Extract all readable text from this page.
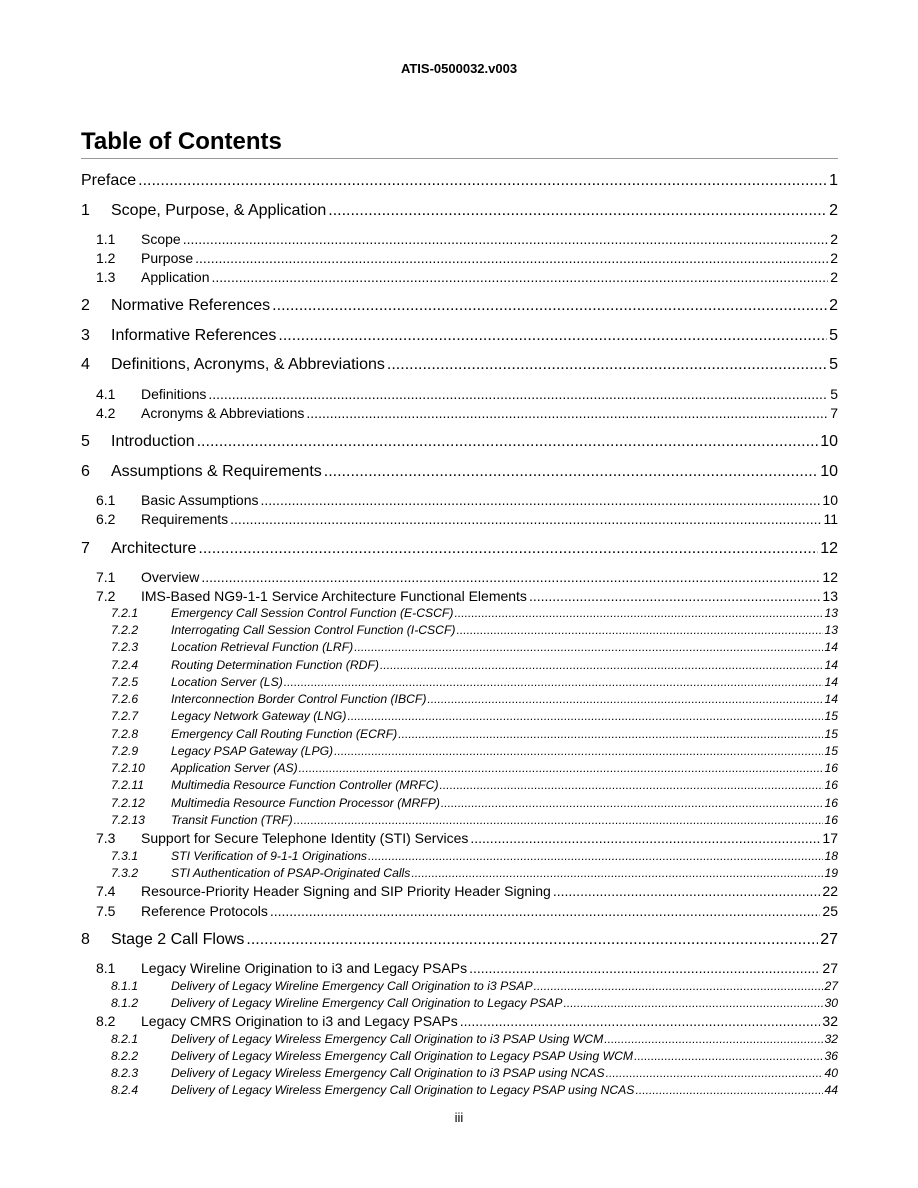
ATIS-0500032.v003
Table of Contents
Preface .....	1
1	Scope, Purpose, & Application .....	2
1.1	Scope .....	2
1.2	Purpose .....	2
1.3	Application .....	2
2	Normative References .....	2
3	Informative References .....	5
4	Definitions, Acronyms, & Abbreviations .....	5
4.1	Definitions .....	5
4.2	Acronyms & Abbreviations .....	7
5	Introduction .....	10
6	Assumptions & Requirements .....	10
6.1	Basic Assumptions .....	10
6.2	Requirements .....	11
7	Architecture .....	12
7.1	Overview .....	12
7.2	IMS-Based NG9-1-1 Service Architecture Functional Elements .....	13
7.2.1	Emergency Call Session Control Function (E-CSCF) .....	13
7.2.2	Interrogating Call Session Control Function (I-CSCF) .....	13
7.2.3	Location Retrieval Function (LRF) .....	14
7.2.4	Routing Determination Function (RDF) .....	14
7.2.5	Location Server (LS) .....	14
7.2.6	Interconnection Border Control Function (IBCF) .....	14
7.2.7	Legacy Network Gateway (LNG) .....	15
7.2.8	Emergency Call Routing Function (ECRF) .....	15
7.2.9	Legacy PSAP Gateway (LPG) .....	15
7.2.10	Application Server (AS) .....	16
7.2.11	Multimedia Resource Function Controller (MRFC) .....	16
7.2.12	Multimedia Resource Function Processor (MRFP) .....	16
7.2.13	Transit Function (TRF) .....	16
7.3	Support for Secure Telephone Identity (STI) Services .....	17
7.3.1	STI Verification of 9-1-1 Originations .....	18
7.3.2	STI Authentication of PSAP-Originated Calls .....	19
7.4	Resource-Priority Header Signing and SIP Priority Header Signing .....	22
7.5	Reference Protocols .....	25
8	Stage 2 Call Flows .....	27
8.1	Legacy Wireline Origination to i3 and Legacy PSAPs .....	27
8.1.1	Delivery of Legacy Wireline Emergency Call Origination to i3 PSAP .....	27
8.1.2	Delivery of Legacy Wireline Emergency Call Origination to Legacy PSAP .....	30
8.2	Legacy CMRS Origination to i3 and Legacy PSAPs .....	32
8.2.1	Delivery of Legacy Wireless Emergency Call Origination to i3 PSAP Using WCM .....	32
8.2.2	Delivery of Legacy Wireless Emergency Call Origination to Legacy PSAP Using WCM .....	36
8.2.3	Delivery of Legacy Wireless Emergency Call Origination to i3 PSAP using NCAS .....	40
8.2.4	Delivery of Legacy Wireless Emergency Call Origination to Legacy PSAP using NCAS .....	44
iii
